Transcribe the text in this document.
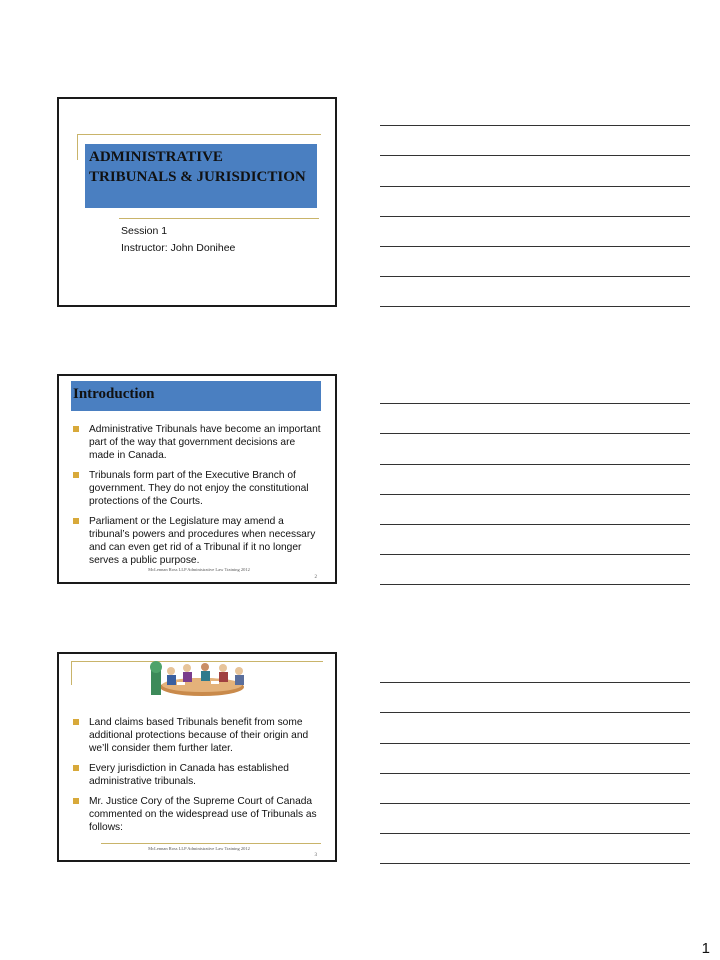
ADMINISTRATIVE
TRIBUNALS & JURISDICTION
Session 1
Instructor: John Donihee
Introduction
Administrative Tribunals have become an important part of the way that government decisions are made in Canada.
Tribunals form part of the Executive Branch of government. They do not enjoy the constitutional protections of the Courts.
Parliament or the Legislature may amend a tribunal’s powers and procedures when necessary and can even get rid of a Tribunal if it no longer serves a public purpose.
McLennan Ross LLP Administrative Law Training 2012
2
Land claims based Tribunals benefit from some additional protections because of their origin and we’ll consider them further later.
Every jurisdiction in Canada has established administrative tribunals.
Mr. Justice Cory of the Supreme Court of Canada commented on the widespread use of Tribunals as follows:
McLennan Ross LLP Administrative Law Training 2012
3
1
